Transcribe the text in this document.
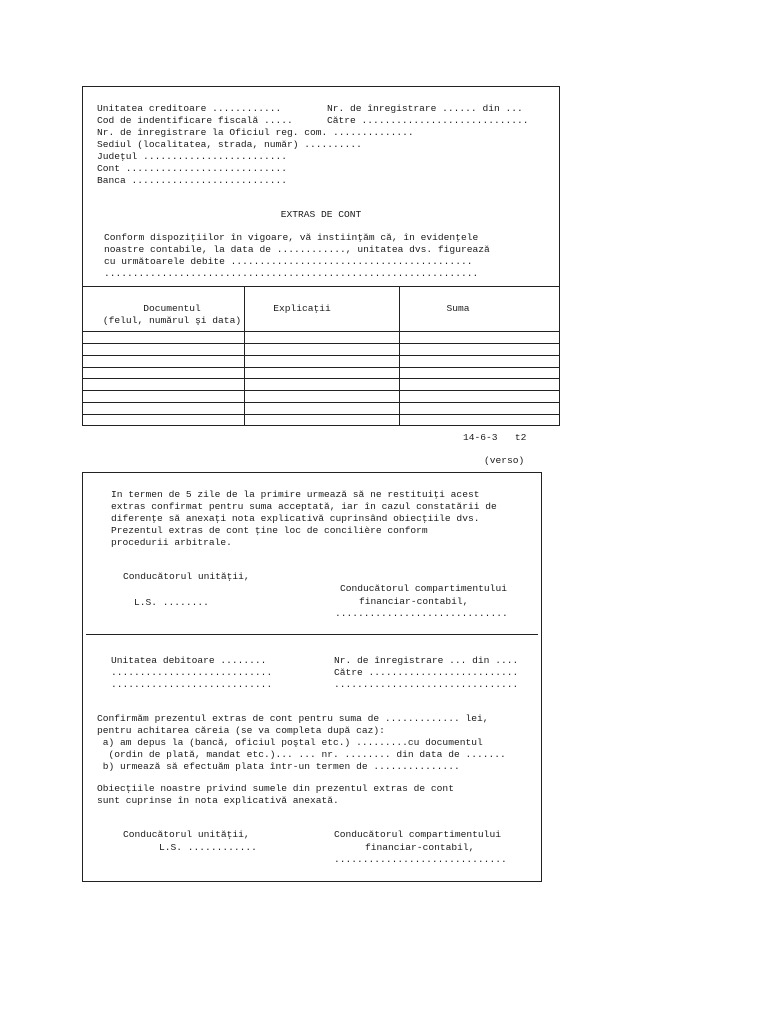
Unitatea creditoare ............
Cod de indentificare fiscală .....
Nr. de înregistrare la Oficiul reg. com. ..............
Sediul (localitatea, strada, număr) ..........
Judeţul .........................
Cont ............................
Banca ...........................
Nr. de înregistrare ...... din ...
Către .............................
EXTRAS DE CONT
Conform dispoziţiilor în vigoare, vă instiinţăm că, în evidenţele
noastre contabile, la data de ............, unitatea dvs. figurează
cu următoarele debite ..........................................
.................................................................
Documentul
(felul, numărul şi data)
Explicaţii	Suma
14-6-3   t2
(verso)
In termen de 5 zile de la primire urmează să ne restituiţi acest
extras confirmat pentru suma acceptată, iar în cazul constatării de
diferenţe să anexaţi nota explicativă cuprinsând obiecţiile dvs.
Prezentul extras de cont ţine loc de concilière conform
procedurii arbitrale.
Conducătorul unităţii,
L.S. ........
Conducătorul compartimentului
financiar-contabil,
..............................
Unitatea debitoare ........
............................
............................
Nr. de înregistrare ... din ....
Către ..........................
................................
Confirmăm prezentul extras de cont pentru suma de ............. lei,
pentru achitarea căreia (se va completa după caz):
a) am depus la (bancă, oficiul poştal etc.) .........cu documentul
(ordin de plată, mandat etc.)... ... nr. ........ din data de .......
b) urmează să efectuăm plata într-un termen de ...............
Obiecţiile noastre privind sumele din prezentul extras de cont
sunt cuprinse în nota explicativă anexată.
Conducătorul unităţii,
L.S. ............
Conducătorul compartimentului
financiar-contabil,
..............................
